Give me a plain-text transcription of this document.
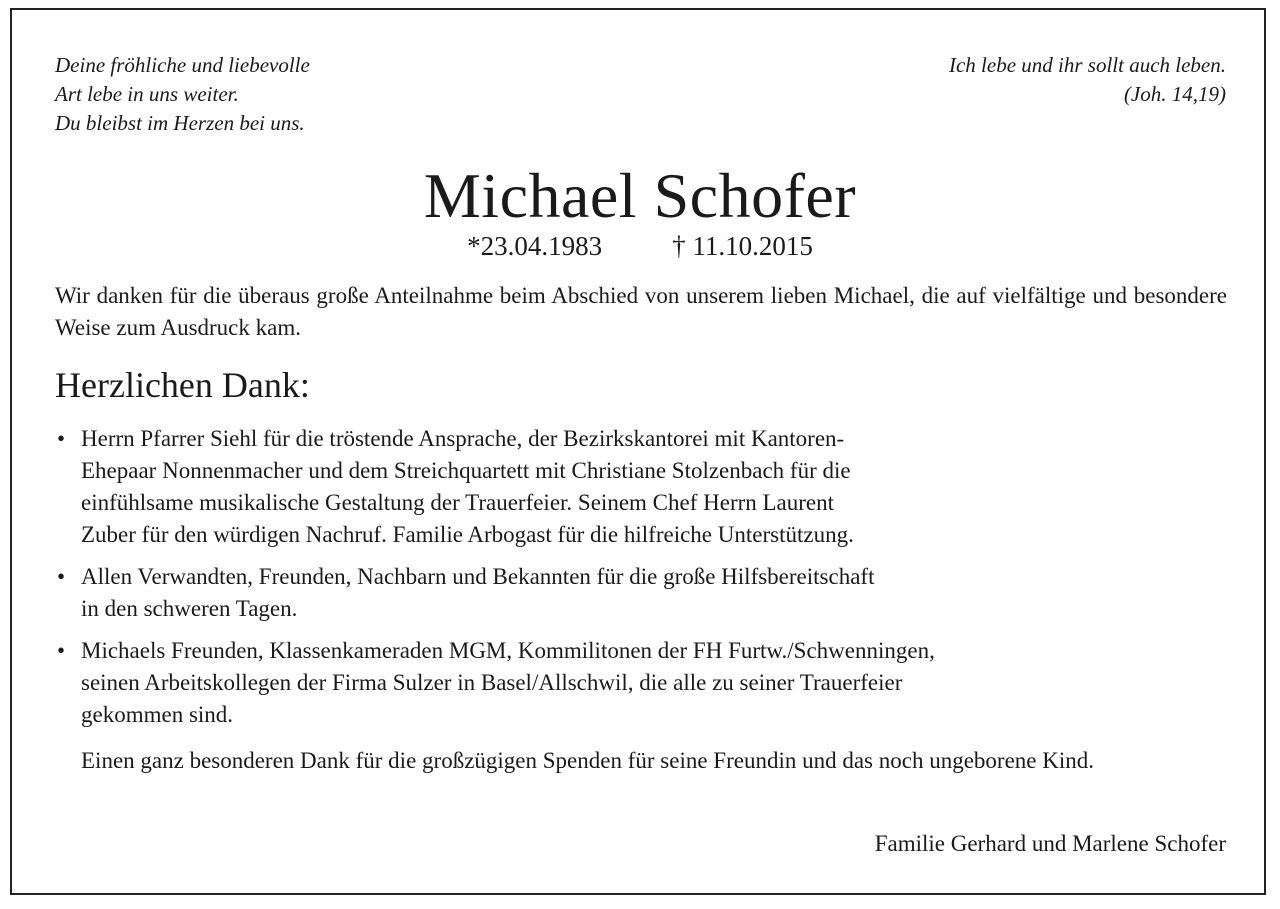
Deine fröhliche und liebevolle
Art lebe in uns weiter.
Du bleibst im Herzen bei uns.
Ich lebe und ihr sollt auch leben.
(Joh. 14,19)
Michael Schofer
*23.04.1983	† 11.10.2015
Wir danken für die überaus große Anteilnahme beim Abschied von unserem lieben Michael, die auf vielfältige und besondere Weise zum Ausdruck kam.
Herzlichen Dank:
• Herrn Pfarrer Siehl für die tröstende Ansprache, der Bezirkskantorei mit Kantoren-
Ehepaar Nonnenmacher und dem Streichquartett mit Christiane Stolzenbach für die
einfühlsame musikalische Gestaltung der Trauerfeier. Seinem Chef Herrn Laurent
Zuber für den würdigen Nachruf. Familie Arbogast für die hilfreiche Unterstützung.
• Allen Verwandten, Freunden, Nachbarn und Bekannten für die große Hilfsbereitschaft
in den schweren Tagen.
• Michaels Freunden, Klassenkameraden MGM, Kommilitonen der FH Furtw./Schwenningen,
seinen Arbeitskollegen der Firma Sulzer in Basel/Allschwil, die alle zu seiner Trauerfeier
gekommen sind.
Einen ganz besonderen Dank für die großzügigen Spenden für seine Freundin und das noch ungeborene Kind.
Familie Gerhard und Marlene Schofer
